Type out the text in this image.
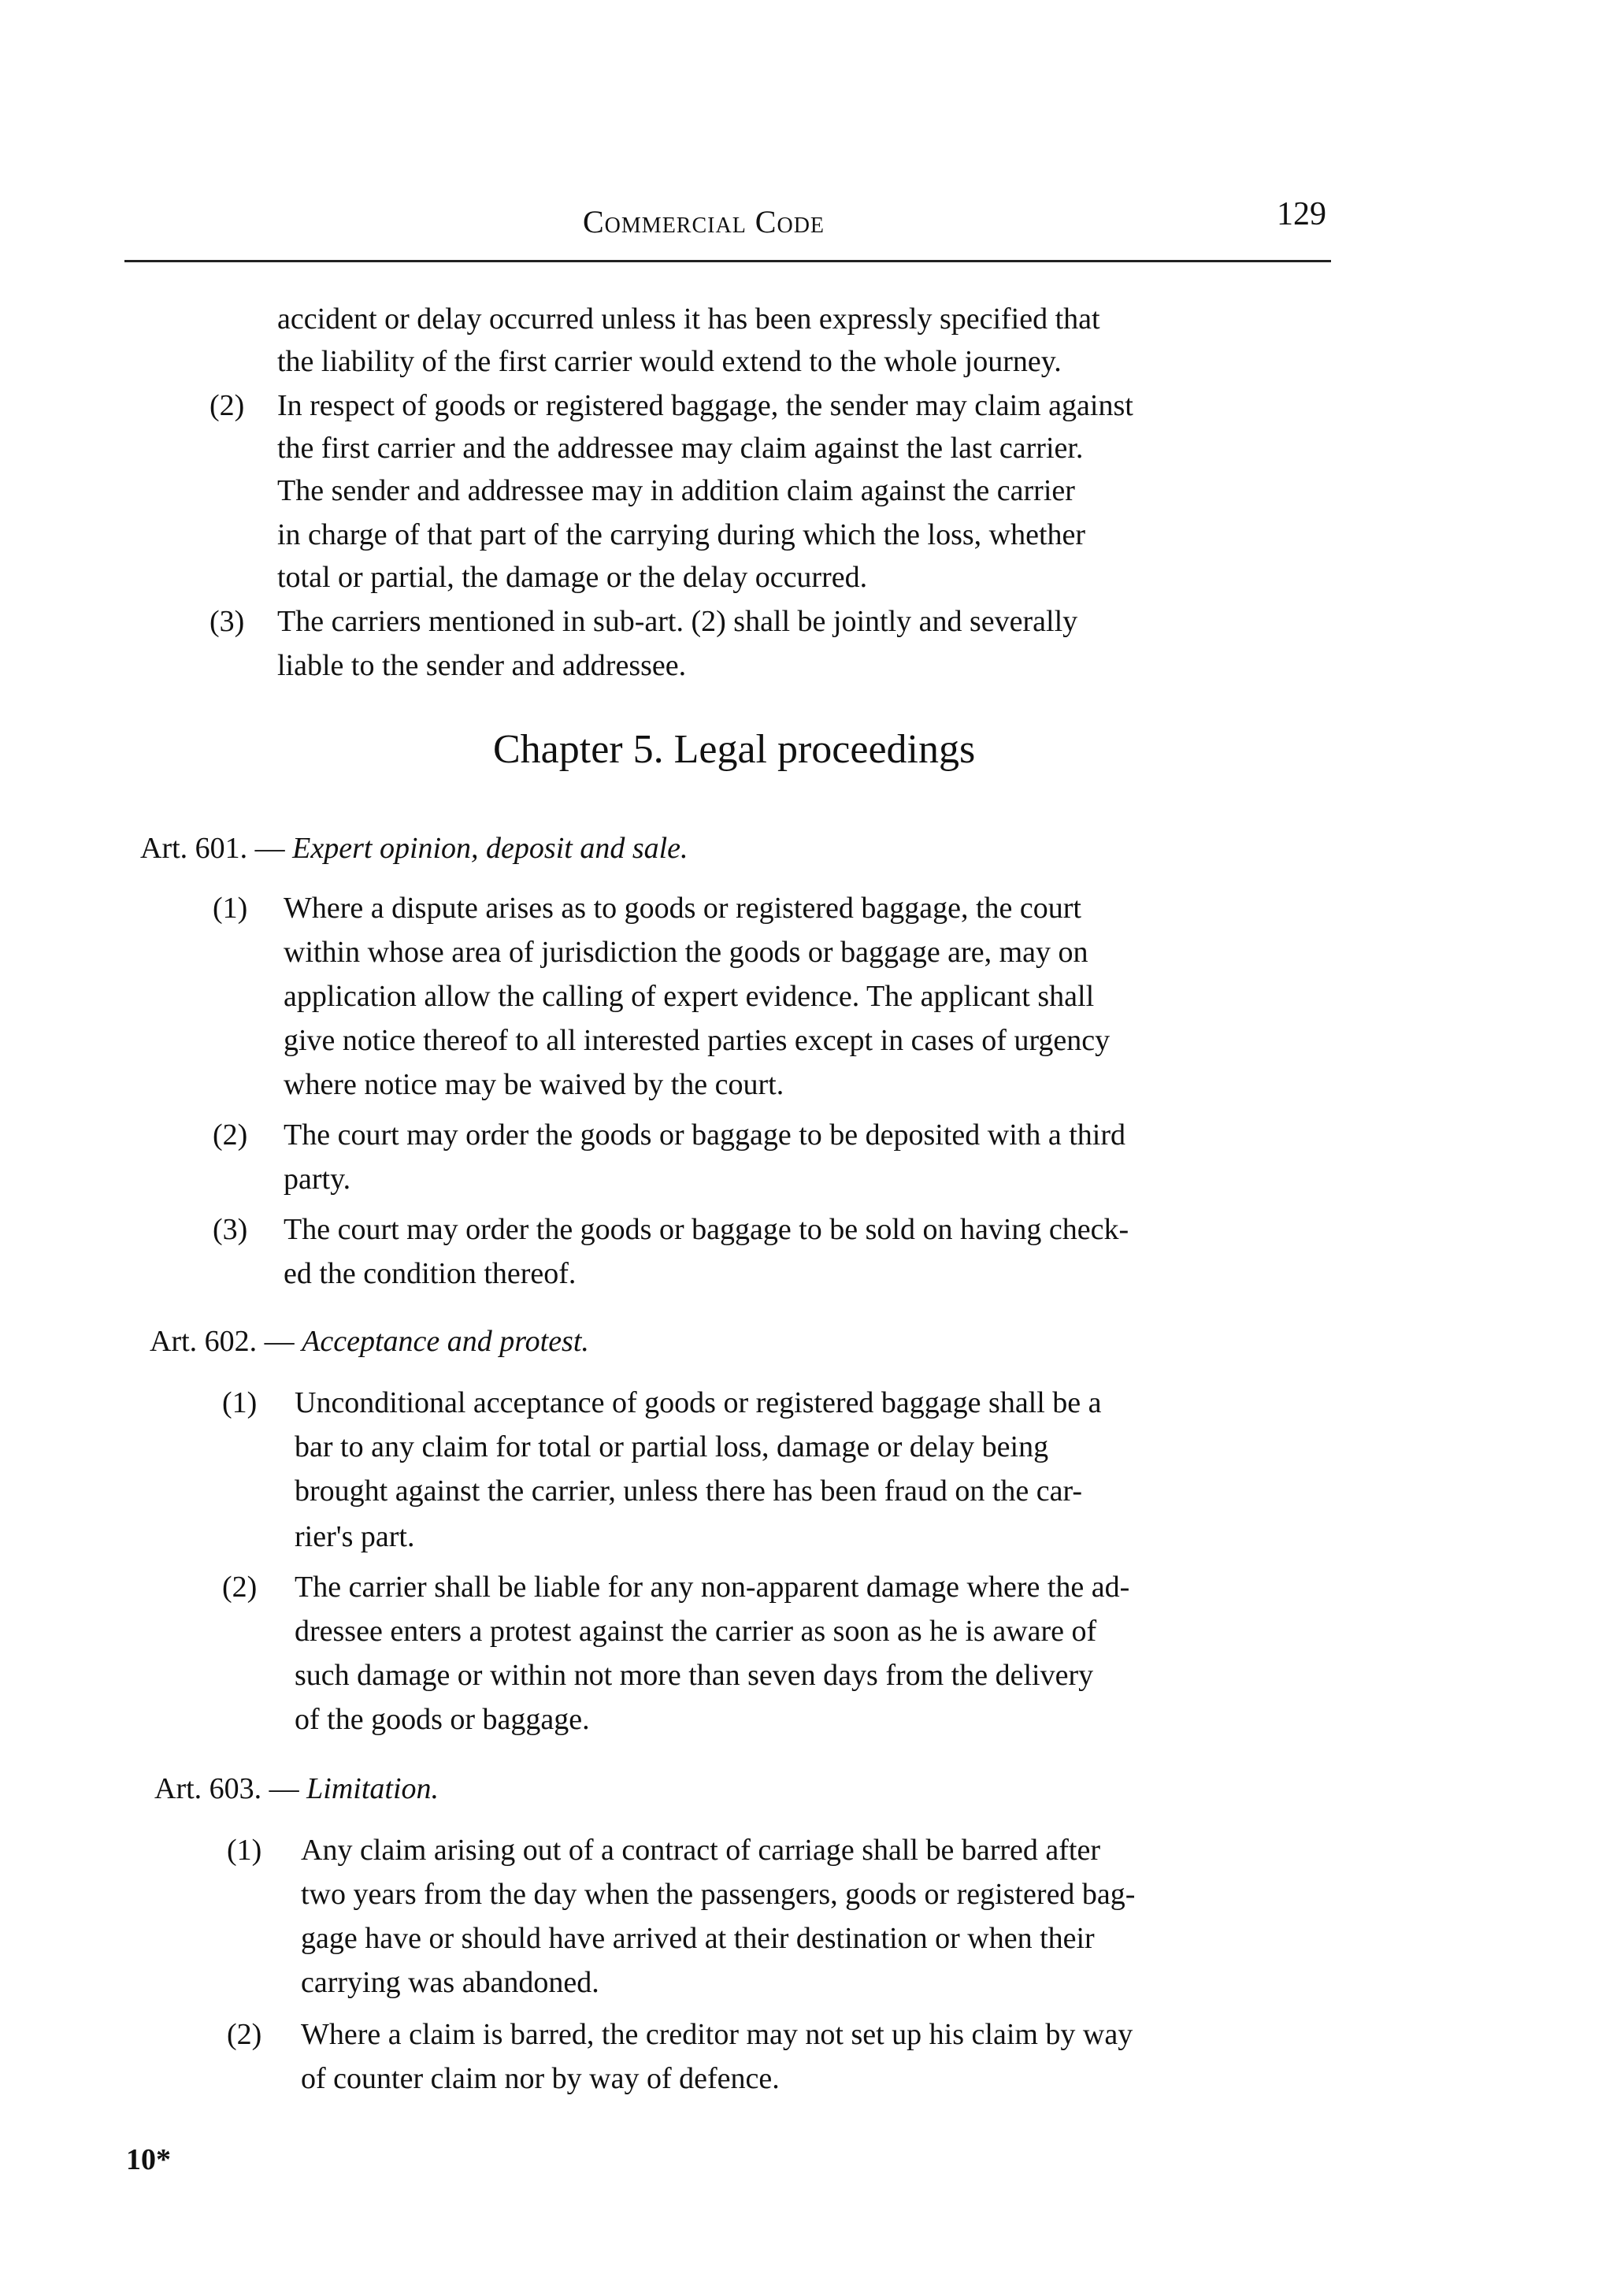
Commercial Code	129
accident or delay occurred unless it has been expressly specified that
the liability of the first carrier would extend to the whole journey.
(2) In respect of goods or registered baggage, the sender may claim against
the first carrier and the addressee may claim against the last carrier.
The sender and addressee may in addition claim against the carrier
in charge of that part of the carrying during which the loss, whether
total or partial, the damage or the delay occurred.
(3) The carriers mentioned in sub-art. (2) shall be jointly and severally
liable to the sender and addressee.
Chapter 5. Legal proceedings
Art. 601. — Expert opinion, deposit and sale.
(1) Where a dispute arises as to goods or registered baggage, the court
within whose area of jurisdiction the goods or baggage are, may on
application allow the calling of expert evidence. The applicant shall
give notice thereof to all interested parties except in cases of urgency
where notice may be waived by the court.
(2) The court may order the goods or baggage to be deposited with a third
party.
(3) The court may order the goods or baggage to be sold on having check-
ed the condition thereof.
Art. 602. — Acceptance and protest.
(1) Unconditional acceptance of goods or registered baggage shall be a
bar to any claim for total or partial loss, damage or delay being
brought against the carrier, unless there has been fraud on the car-
rier's part.
(2) The carrier shall be liable for any non-apparent damage where the ad-
dressee enters a protest against the carrier as soon as he is aware of
such damage or within not more than seven days from the delivery
of the goods or baggage.
Art. 603. — Limitation.
(1) Any claim arising out of a contract of carriage shall be barred after
two years from the day when the passengers, goods or registered bag-
gage have or should have arrived at their destination or when their
carrying was abandoned.
(2) Where a claim is barred, the creditor may not set up his claim by way
of counter claim nor by way of defence.
10*
